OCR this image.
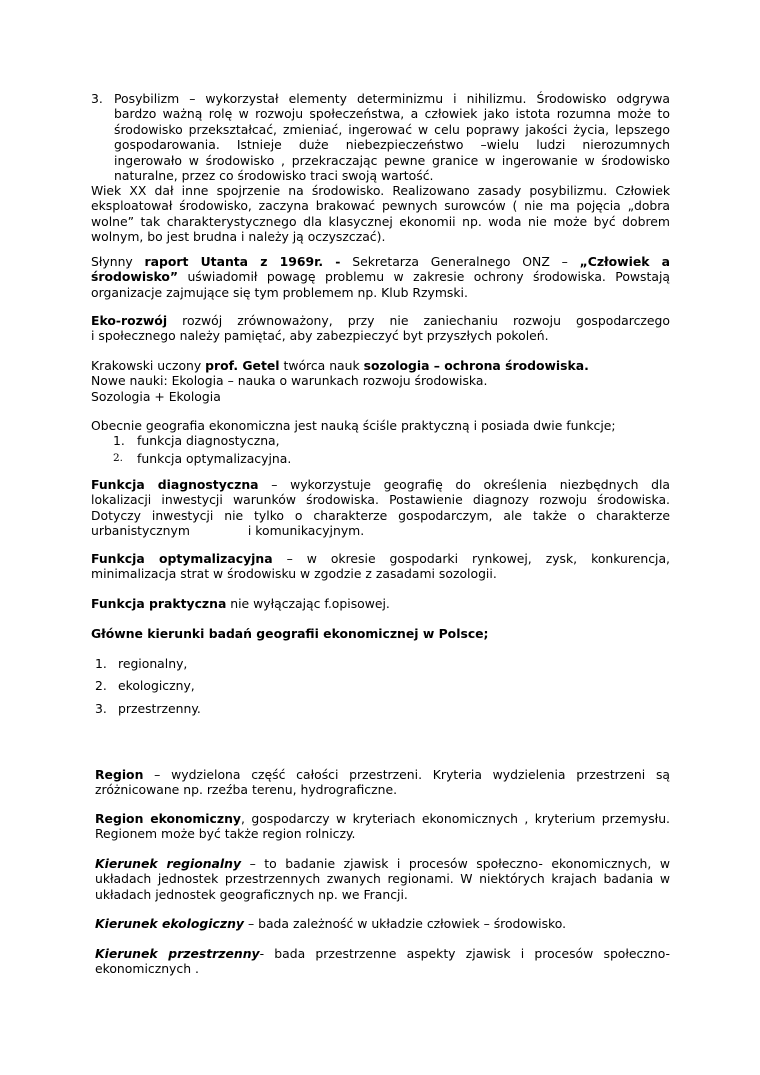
3. Posybilizm – wykorzystał elementy determinizmu i nihilizmu. Środowisko odgrywa
bardzo ważną rolę w rozwoju społeczeństwa, a człowiek jako istota rozumna może to
środowisko przekształcać, zmieniać, ingerować w celu poprawy jakości życia, lepszego
gospodarowania. Istnieje duże niebezpieczeństwo –wielu ludzi nierozumnych
ingerowało w środowisko , przekraczając pewne granice w ingerowanie w środowisko
naturalne, przez co środowisko traci swoją wartość.
Wiek XX dał inne spojrzenie na środowisko. Realizowano zasady posybilizmu. Człowiek
eksploatował środowisko, zaczyna brakować pewnych surowców ( nie ma pojęcia „dobra
wolne” tak charakterystycznego dla klasycznej ekonomii np. woda nie może być dobrem
wolnym, bo jest brudna i należy ją oczyszczać).
Słynny raport Utanta z 1969r. - Sekretarza Generalnego ONZ – „Człowiek a
środowisko” uświadomił powagę problemu w zakresie ochrony środowiska. Powstają
organizacje zajmujące się tym problemem np. Klub Rzymski.
Eko-rozwój rozwój zrównoważony, przy nie zaniechaniu rozwoju gospodarczego
i społecznego należy pamiętać, aby zabezpieczyć byt przyszłych pokoleń.
Krakowski uczony prof. Getel twórca nauk sozologia – ochrona środowiska.
Nowe nauki: Ekologia – nauka o warunkach rozwoju środowiska.
Sozologia + Ekologia
Obecnie geografia ekonomiczna jest nauką ściśle praktyczną i posiada dwie funkcje;
1. funkcja diagnostyczna,
2. funkcja optymalizacyjna.
Funkcja diagnostyczna – wykorzystuje geografię do określenia niezbędnych dla
lokalizacji inwestycji warunków środowiska. Postawienie diagnozy rozwoju środowiska.
Dotyczy inwestycji nie tylko o charakterze gospodarczym, ale także o charakterze
urbanistycznym	i komunikacyjnym.
Funkcja optymalizacyjna – w okresie gospodarki rynkowej, zysk, konkurencja,
minimalizacja strat w środowisku w zgodzie z zasadami sozologii.
Funkcja praktyczna nie wyłączając f.opisowej.
Główne kierunki badań geografii ekonomicznej w Polsce;
1. regionalny,
2. ekologiczny,
3. przestrzenny.
Region – wydzielona część całości przestrzeni. Kryteria wydzielenia przestrzeni są
zróżnicowane np. rzeźba terenu, hydrograficzne.
Region ekonomiczny, gospodarczy w kryteriach ekonomicznych , kryterium przemysłu.
Regionem może być także region rolniczy.
Kierunek regionalny – to badanie zjawisk i procesów społeczno- ekonomicznych, w
układach jednostek przestrzennych zwanych regionami. W niektórych krajach badania w
układach jednostek geograficznych np. we Francji.
Kierunek ekologiczny – bada zależność w układzie człowiek – środowisko.
Kierunek przestrzenny- bada przestrzenne aspekty zjawisk i procesów społeczno-
ekonomicznych .
